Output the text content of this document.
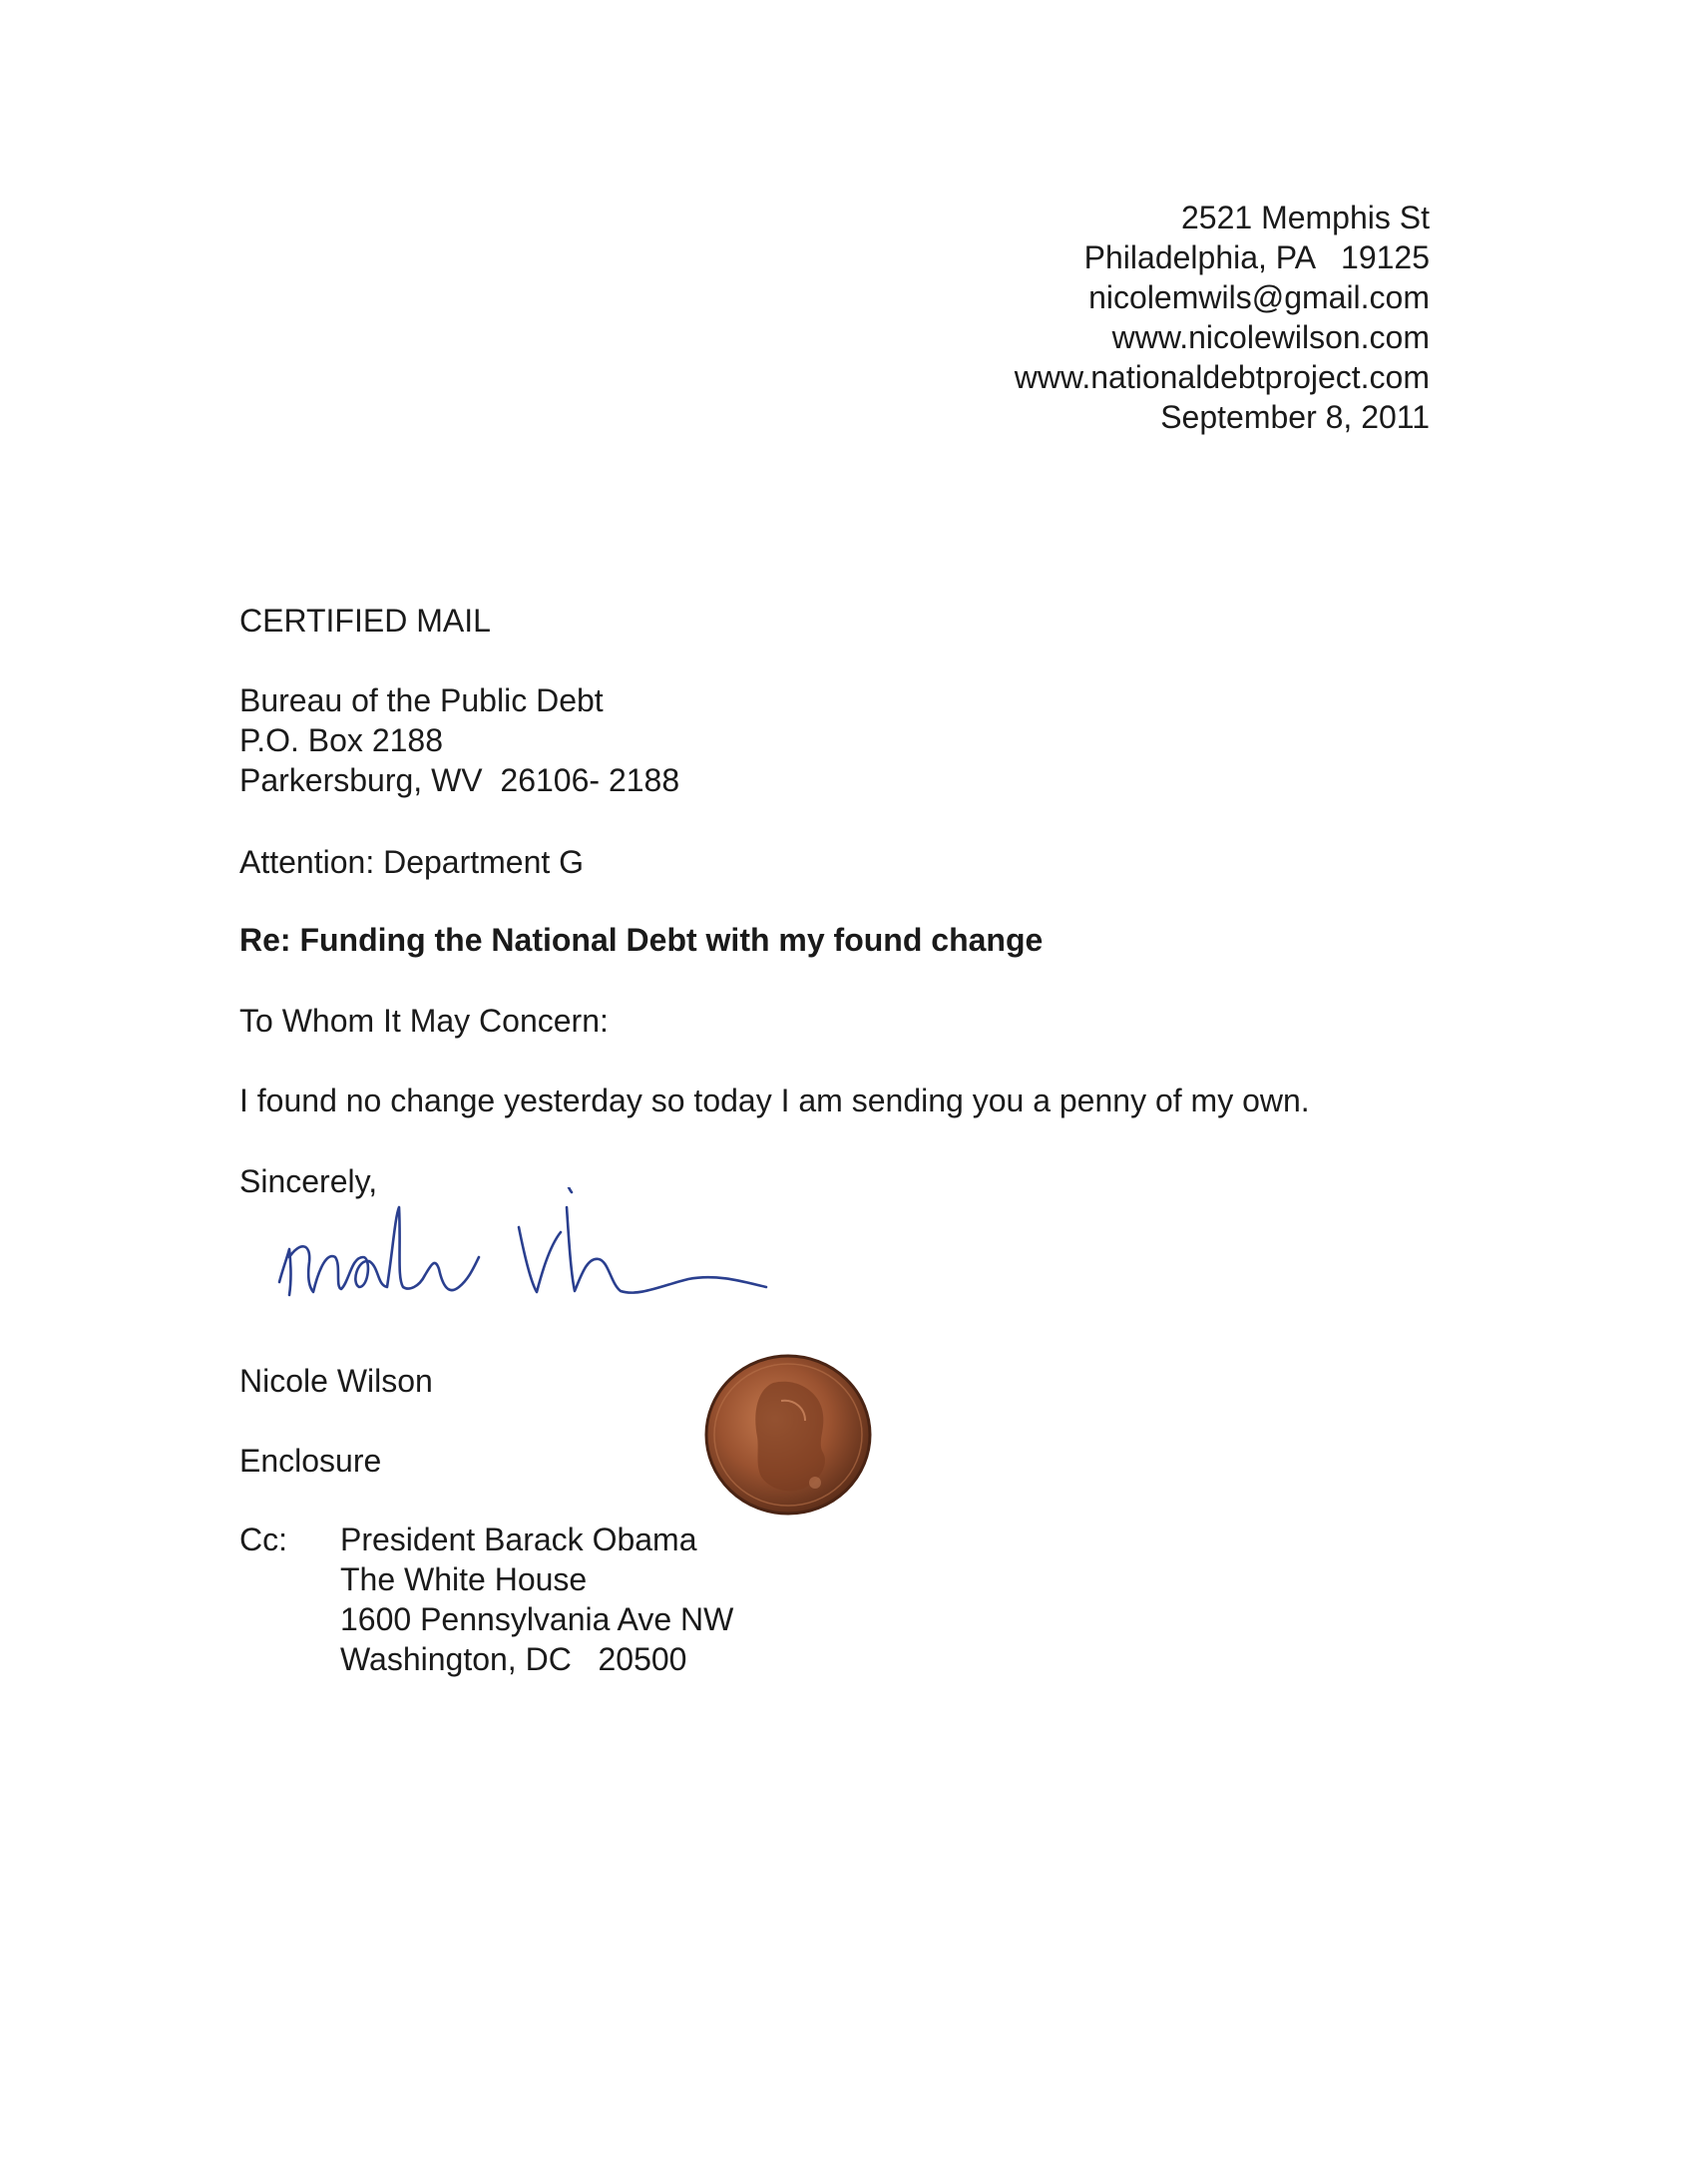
2521 Memphis St
Philadelphia, PA   19125
nicolemwils@gmail.com
www.nicolewilson.com
www.nationaldebtproject.com
September 8, 2011
CERTIFIED MAIL
Bureau of the Public Debt
P.O. Box 2188
Parkersburg, WV  26106- 2188
Attention: Department G
Re: Funding the National Debt with my found change
To Whom It May Concern:
I found no change yesterday so today I am sending you a penny of my own.
Sincerely,
Nicole Wilson
Enclosure
Cc: President Barack Obama
The White House
1600 Pennsylvania Ave NW
Washington, DC   20500
